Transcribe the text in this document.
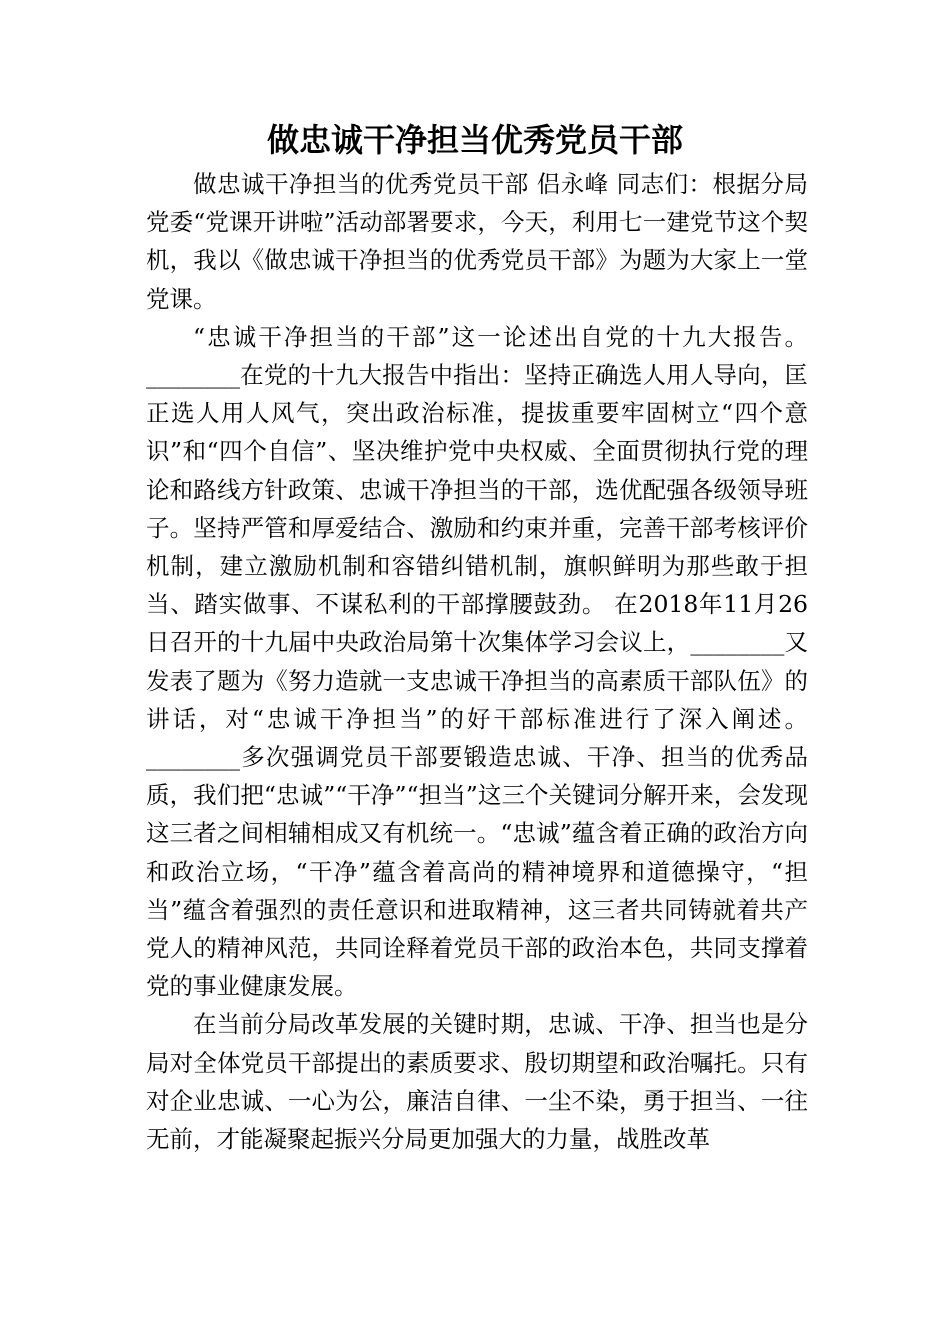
做忠诚干净担当优秀党员干部

做忠诚干净担当的优秀党员干部 侣永峰 同志们：根据分局党委“党课开讲啦”活动部署要求，今天，利用七一建党节这个契机，我以《做忠诚干净担当的优秀党员干部》为题为大家上一堂党课。

“忠诚干净担当的干部”这一论述出自党的十九大报告。________在党的十九大报告中指出：坚持正确选人用人导向，匡正选人用人风气，突出政治标准，提拔重要牢固树立“四个意识”和“四个自信”、坚决维护党中央权威、全面贯彻执行党的理论和路线方针政策、忠诚干净担当的干部，选优配强各级领导班子。坚持严管和厚爱结合、激励和约束并重，完善干部考核评价机制，建立激励机制和容错纠错机制，旗帜鲜明为那些敢于担当、踏实做事、不谋私利的干部撑腰鼓劲。 在2018年11月26日召开的十九届中央政治局第十次集体学习会议上，________又发表了题为《努力造就一支忠诚干净担当的高素质干部队伍》的讲话，对“忠诚干净担当”的好干部标准进行了深入阐述。________多次强调党员干部要锻造忠诚、干净、担当的优秀品质，我们把“忠诚”“干净”“担当”这三个关键词分解开来，会发现这三者之间相辅相成又有机统一。“忠诚”蕴含着正确的政治方向和政治立场，“干净”蕴含着高尚的精神境界和道德操守，“担当”蕴含着强烈的责任意识和进取精神，这三者共同铸就着共产党人的精神风范，共同诠释着党员干部的政治本色，共同支撑着党的事业健康发展。

在当前分局改革发展的关键时期，忠诚、干净、担当也是分局对全体党员干部提出的素质要求、殷切期望和政治嘱托。只有对企业忠诚、一心为公，廉洁自律、一尘不染，勇于担当、一往无前，才能凝聚起振兴分局更加强大的力量，战胜改革
